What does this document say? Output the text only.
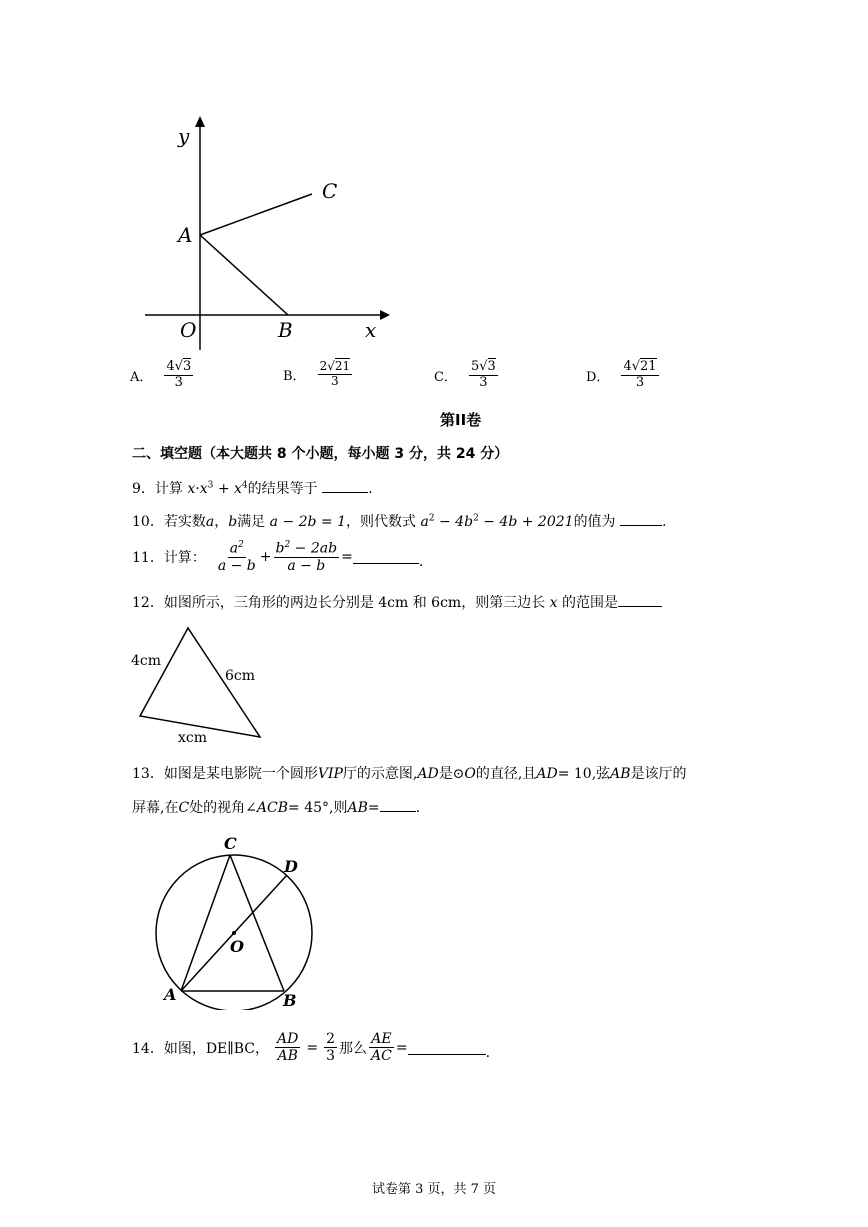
y
C
A
O	B	x
A． $\frac{4√3}{3}$	B． $\frac{2√21}{3}$	C． $\frac{5√3}{3}$	D． $\frac{4√21}{3}$
第II卷
二、填空题（本大题共 8 个小题，每小题 3 分，共 24 分）
9．计算 $x\cdot x^3 + x^4$的结果等于	.
10．若实数a，b满足 a − 2b = 1，则代数式 $a^2 - 4b^2 - 4b + 2021$的值为	.
11．计算： $\frac{a^2}{a - b} + \frac{b^2 - 2ab}{a - b}$ =	.
12．如图所示，三角形的两边长分别是 4cm 和 6cm，则第三边长 x 的范围是
4cm
6cm
xcm
13．如图是某电影院一个圆形VIP厅的示意图,AD是⊙O的直径,且AD= 10,弦AB是该厅的
屏幕,在C处的视角∠ACB= 45°,则AB=	.
C
D
O
A	B
14．如图，DE∥BC， $\frac{AD}{AB} = \frac{2}{3}$ 那么 $\frac{AE}{AC}$ =	.
试卷第 3 页，共 7 页
